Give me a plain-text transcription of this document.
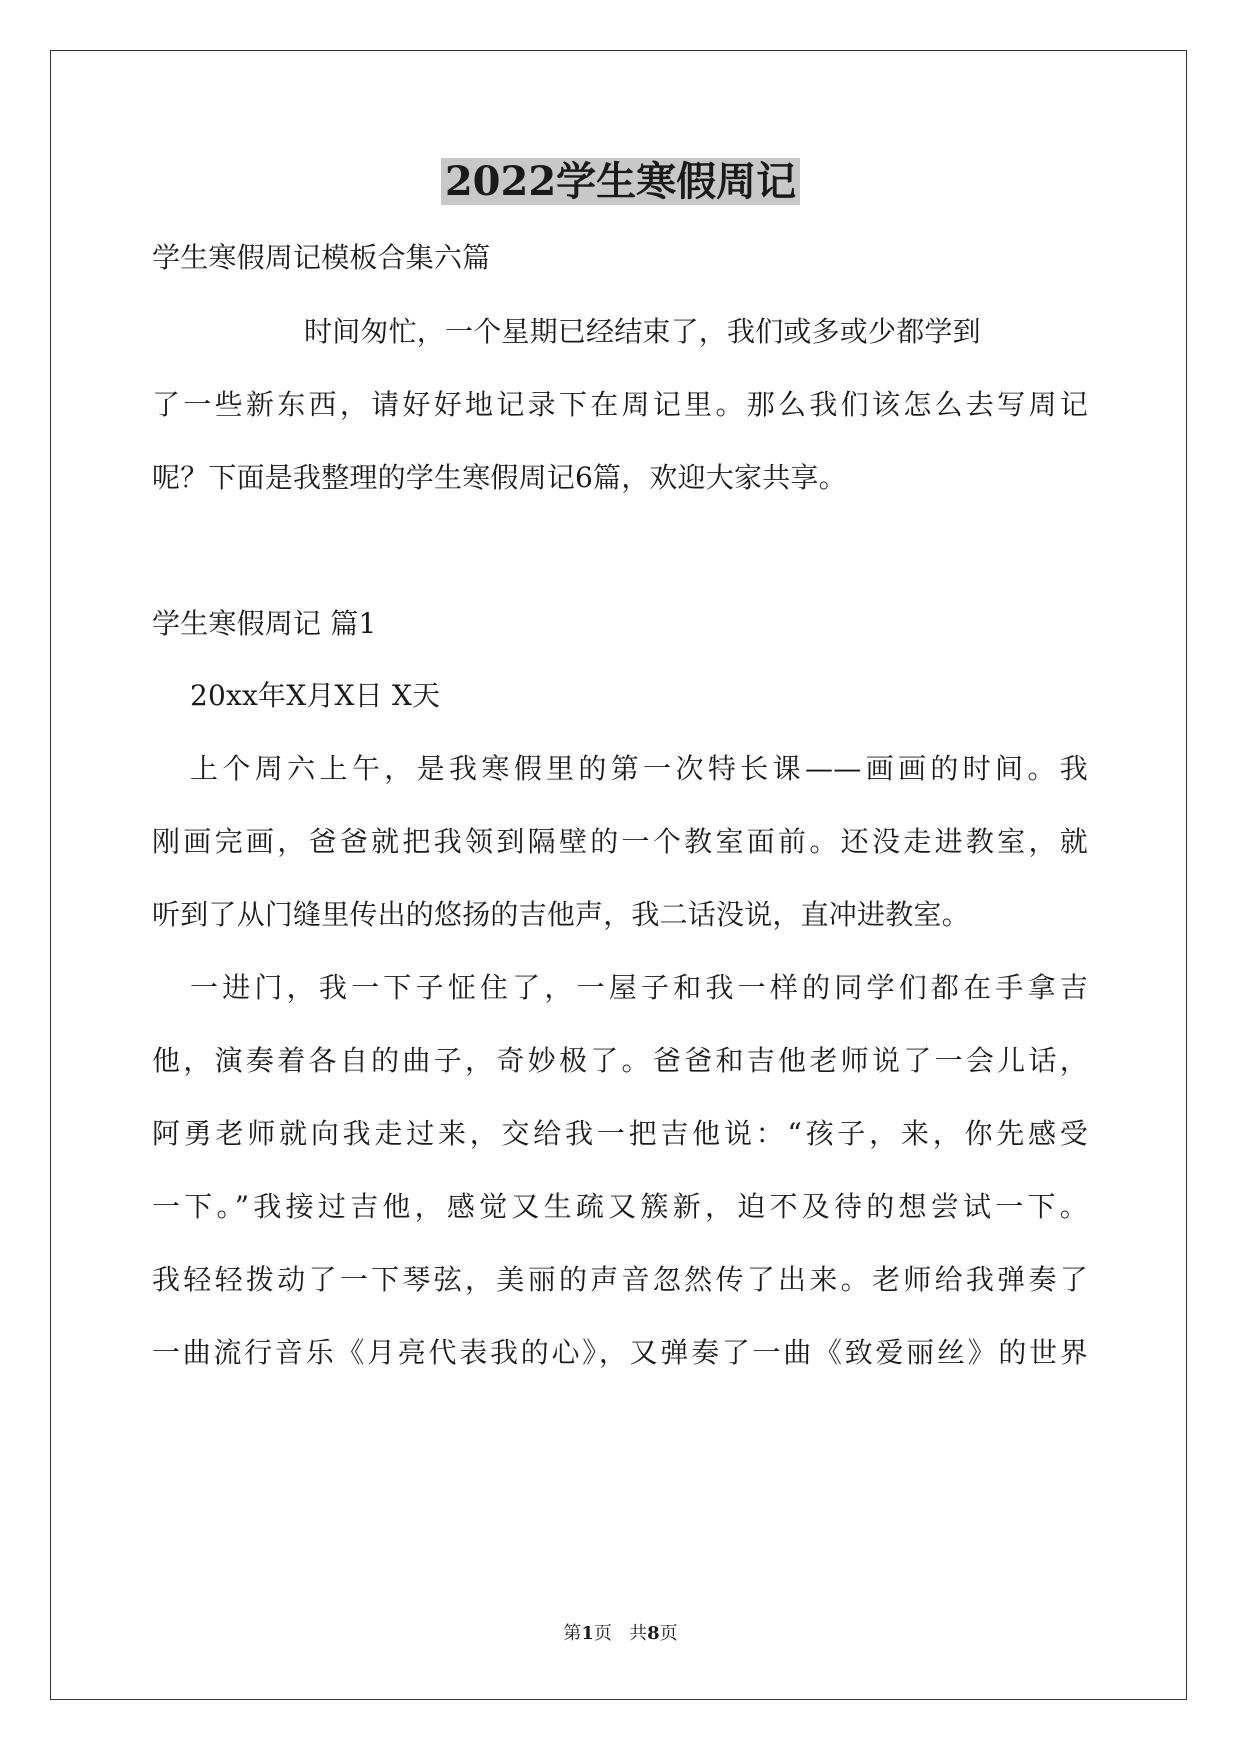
2022学生寒假周记
学生寒假周记模板合集六篇
时间匆忙，一个星期已经结束了，我们或多或少都学到
了一些新东西，请好好地记录下在周记里。那么我们该怎么去写周记
呢？下面是我整理的学生寒假周记6篇，欢迎大家共享。
学生寒假周记 篇1
20xx年X月X日 X天
上个周六上午，是我寒假里的第一次特长课——画画的时间。我
刚画完画，爸爸就把我领到隔壁的一个教室面前。还没走进教室，就
听到了从门缝里传出的悠扬的吉他声，我二话没说，直冲进教室。
一进门，我一下子怔住了，一屋子和我一样的同学们都在手拿吉
他，演奏着各自的曲子，奇妙极了。爸爸和吉他老师说了一会儿话，
阿勇老师就向我走过来，交给我一把吉他说：“孩子，来，你先感受
一下。”我接过吉他，感觉又生疏又簇新，迫不及待的想尝试一下。
我轻轻拨动了一下琴弦，美丽的声音忽然传了出来。老师给我弹奏了
一曲流行音乐《月亮代表我的心》，又弹奏了一曲《致爱丽丝》的世界
第1页   共8页
